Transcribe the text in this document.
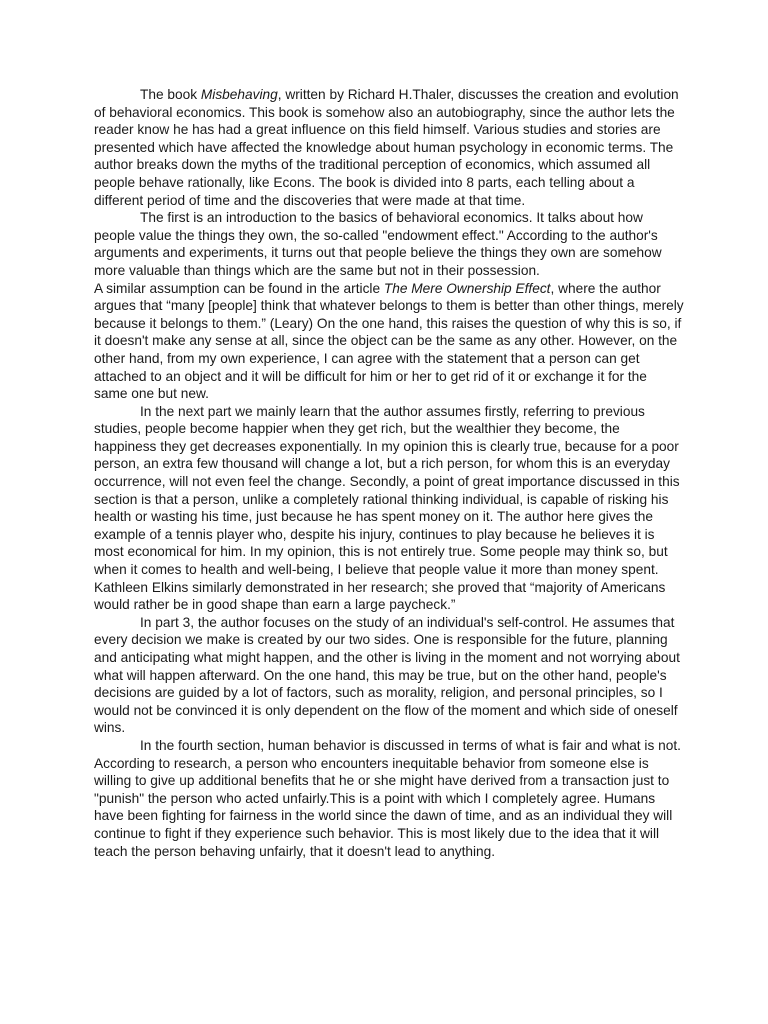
The book Misbehaving, written by Richard H.Thaler, discusses the creation and evolution of behavioral economics. This book is somehow also an autobiography, since the author lets the reader know he has had a great influence on this field himself. Various studies and stories are presented which have affected the knowledge about human psychology in economic terms. The author breaks down the myths of the traditional perception of economics, which assumed all people behave rationally, like Econs. The book is divided into 8 parts, each telling about a different period of time and the discoveries that were made at that time.

The first is an introduction to the basics of behavioral economics. It talks about how people value the things they own, the so-called "endowment effect." According to the author's arguments and experiments, it turns out that people believe the things they own are somehow more valuable than things which are the same but not in their possession.

A similar assumption can be found in the article The Mere Ownership Effect, where the author argues that “many [people] think that whatever belongs to them is better than other things, merely because it belongs to them.” (Leary) On the one hand, this raises the question of why this is so, if it doesn't make any sense at all, since the object can be the same as any other. However, on the other hand, from my own experience, I can agree with the statement that a person can get attached to an object and it will be difficult for him or her to get rid of it or exchange it for the same one but new.

In the next part we mainly learn that the author assumes firstly, referring to previous studies, people become happier when they get rich, but the wealthier they become, the happiness they get decreases exponentially. In my opinion this is clearly true, because for a poor person, an extra few thousand will change a lot, but a rich person, for whom this is an everyday occurrence, will not even feel the change. Secondly, a point of great importance discussed in this section is that a person, unlike a completely rational thinking individual, is capable of risking his health or wasting his time, just because he has spent money on it. The author here gives the example of a tennis player who, despite his injury, continues to play because he believes it is most economical for him. In my opinion, this is not entirely true. Some people may think so, but when it comes to health and well-being, I believe that people value it more than money spent. Kathleen Elkins similarly demonstrated in her research; she proved that “majority of Americans would rather be in good shape than earn a large paycheck.”

In part 3, the author focuses on the study of an individual's self-control. He assumes that every decision we make is created by our two sides. One is responsible for the future, planning and anticipating what might happen, and the other is living in the moment and not worrying about what will happen afterward. On the one hand, this may be true, but on the other hand, people's decisions are guided by a lot of factors, such as morality, religion, and personal principles, so I would not be convinced it is only dependent on the flow of the moment and which side of oneself wins.

In the fourth section, human behavior is discussed in terms of what is fair and what is not. According to research, a person who encounters inequitable behavior from someone else is willing to give up additional benefits that he or she might have derived from a transaction just to "punish" the person who acted unfairly.This is a point with which I completely agree. Humans have been fighting for fairness in the world since the dawn of time, and as an individual they will continue to fight if they experience such behavior. This is most likely due to the idea that it will teach the person behaving unfairly, that it doesn't lead to anything.
